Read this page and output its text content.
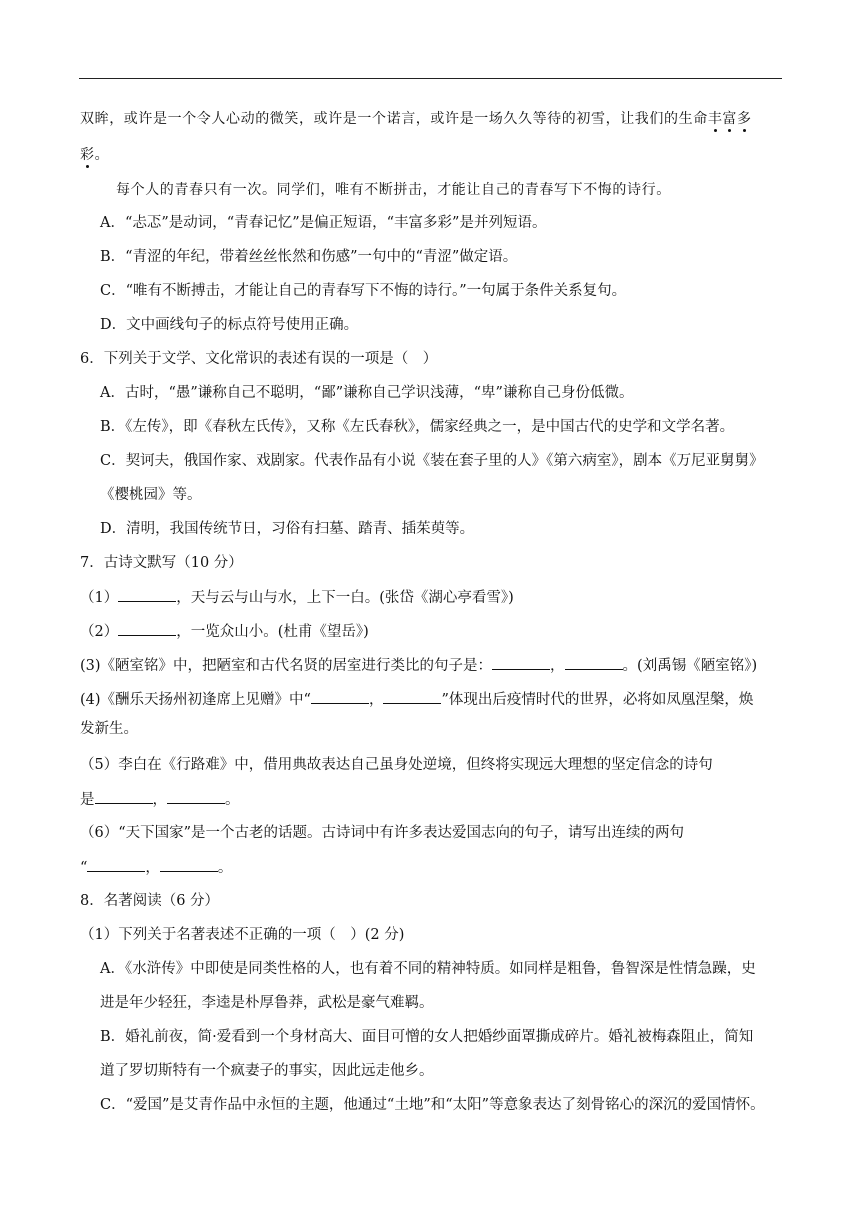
双眸，或许是一个令人心动的微笑，或许是一个诺言，或许是一场久久等待的初雪，让我们的生命丰富多
彩。
每个人的青春只有一次。同学们，唯有不断拼击，才能让自己的青春写下不悔的诗行。
A．“忐忑”是动词，“青春记忆”是偏正短语，“丰富多彩”是并列短语。
B．“青涩的年纪，带着丝丝怅然和伤感”一句中的“青涩”做定语。
C．“唯有不断搏击，才能让自己的青春写下不悔的诗行。”一句属于条件关系复句。
D．文中画线句子的标点符号使用正确。
6．下列关于文学、文化常识的表述有误的一项是（　）
A．古时，“愚”谦称自己不聪明，“鄙”谦称自己学识浅薄，“卑”谦称自己身份低微。
B．《左传》，即《春秋左氏传》，又称《左氏春秋》，儒家经典之一，是中国古代的史学和文学名著。
C．契诃夫，俄国作家、戏剧家。代表作品有小说《装在套子里的人》《第六病室》，剧本《万尼亚舅舅》
《樱桃园》等。
D．清明，我国传统节日，习俗有扫墓、踏青、插茱萸等。
7．古诗文默写（10 分）
（1）	，天与云与山与水，上下一白。(张岱《湖心亭看雪》)
（2）	，一览众山小。(杜甫《望岳》)
(3)《陋室铭》中，把陋室和古代名贤的居室进行类比的句子是：	，	。(刘禹锡《陋室铭》)
(4)《酬乐天扬州初逢席上见赠》中“	，	”体现出后疫情时代的世界，必将如凤凰涅槃，焕
发新生。
（5）李白在《行路难》中，借用典故表达自己虽身处逆境，但终将实现远大理想的坚定信念的诗句
是	，	。
（6）“天下国家”是一个古老的话题。古诗词中有许多表达爱国志向的句子，请写出连续的两句
“	，	。
8．名著阅读（6 分）
（1）下列关于名著表述不正确的一项（　）(2 分)
A．《水浒传》中即使是同类性格的人，也有着不同的精神特质。如同样是粗鲁，鲁智深是性情急躁，史
进是年少轻狂，李逵是朴厚鲁莽，武松是豪气难羁。
B．婚礼前夜，简·爱看到一个身材高大、面目可憎的女人把婚纱面罩撕成碎片。婚礼被梅森阻止，简知
道了罗切斯特有一个疯妻子的事实，因此远走他乡。
C．“爱国”是艾青作品中永恒的主题，他通过“土地”和“太阳”等意象表达了刻骨铭心的深沉的爱国情怀。
